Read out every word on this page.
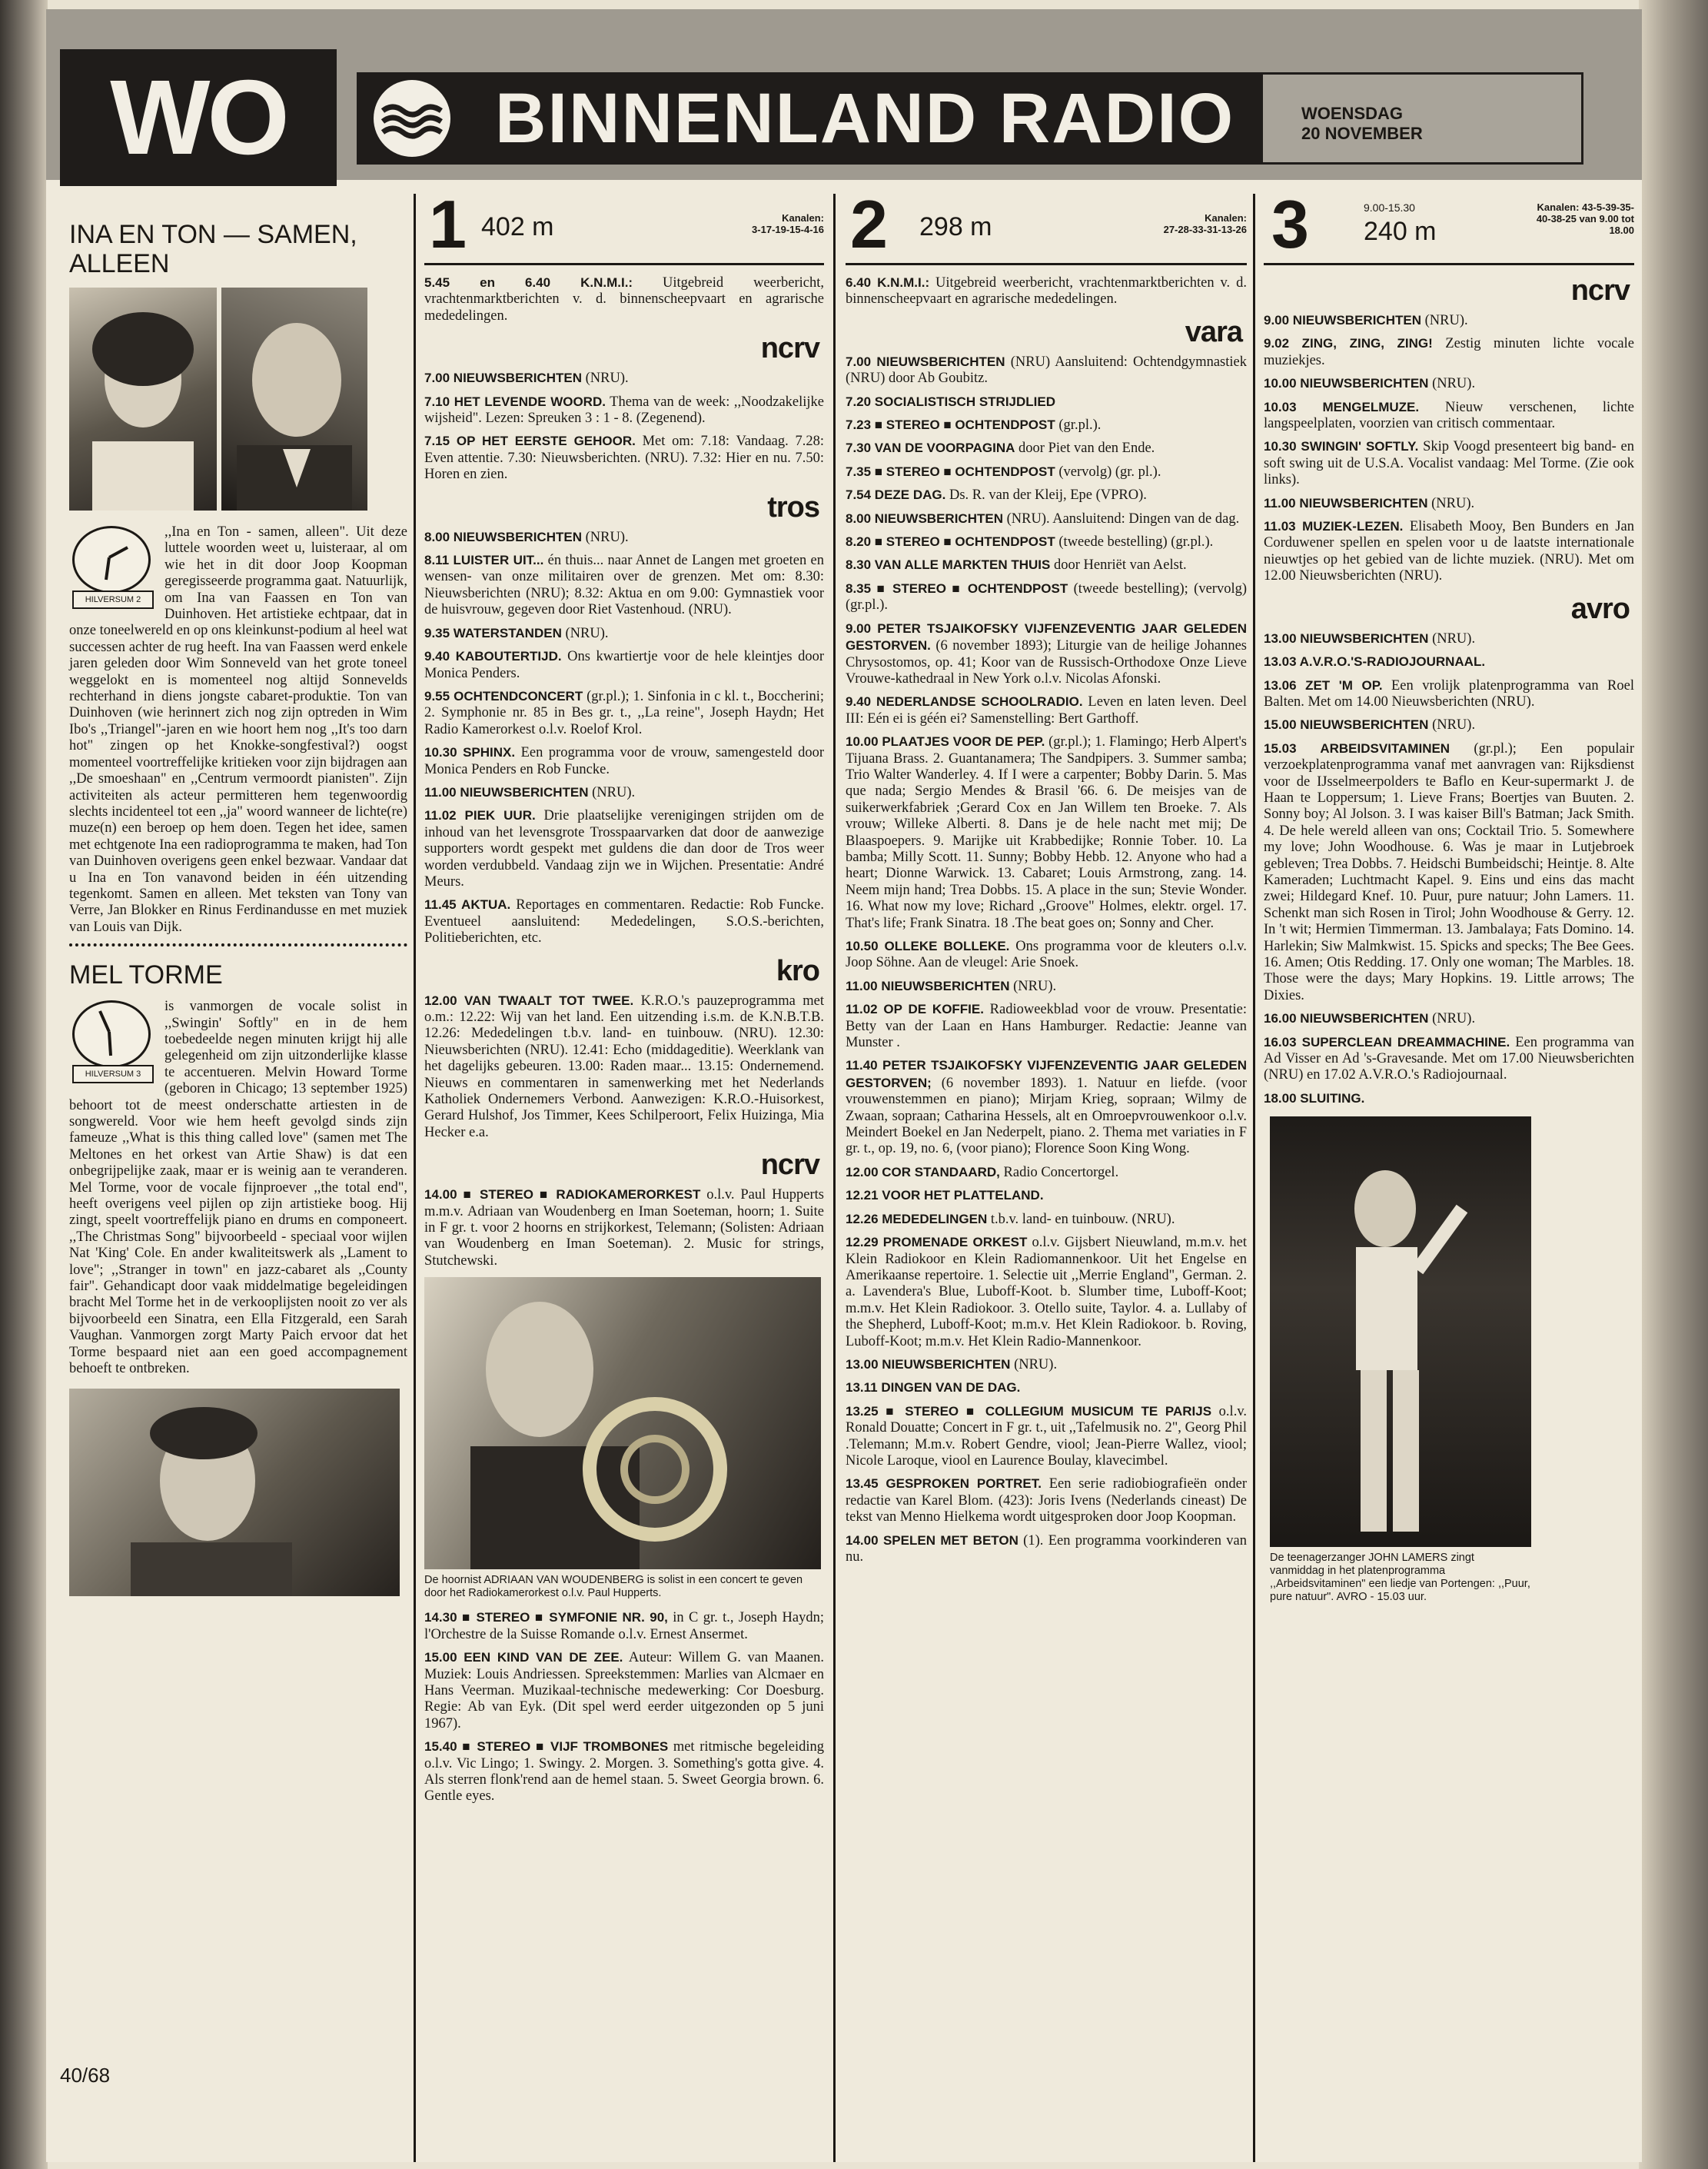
WO	BINNENLAND RADIO	WOENSDAG
20 NOVEMBER
INA EN TON — SAMEN, ALLEEN
HILVERSUM 2
,,Ina en Ton - samen, alleen". Uit deze luttele woorden weet u, luisteraar, al om wie het in dit door Joop Koopman geregisseerde programma gaat. Natuurlijk, om Ina van Faassen en Ton van Duinhoven. Het artistieke echtpaar, dat in onze toneelwereld en op ons kleinkunst-podium al heel wat successen achter de rug heeft. Ina van Faassen werd enkele jaren geleden door Wim Sonneveld van het grote toneel weggelokt en is momenteel nog altijd Sonnevelds rechterhand in diens jongste cabaret-produktie. Ton van Duinhoven (wie herinnert zich nog zijn optreden in Wim Ibo's ,,Triangel"-jaren en wie hoort hem nog ,,It's too darn hot" zingen op het Knokke-songfestival?) oogst momenteel voortreffelijke kritieken voor zijn bijdragen aan ,,De smoeshaan" en ,,Centrum vermoordt pianisten". Zijn activiteiten als acteur permitteren hem tegenwoordig slechts incidenteel tot een ,,ja" woord wanneer de lichte(re) muze(n) een beroep op hem doen. Tegen het idee, samen met echtgenote Ina een radioprogramma te maken, had Ton van Duinhoven overigens geen enkel bezwaar. Vandaar dat u Ina en Ton vanavond beiden in één uitzending tegenkomt. Samen en alleen. Met teksten van Tony van Verre, Jan Blokker en Rinus Ferdinandusse en met muziek van Louis van Dijk.
MEL TORME
HILVERSUM 3
is vanmorgen de vocale solist in ,,Swingin' Softly" en in de hem toebedeelde negen minuten krijgt hij alle gelegenheid om zijn uitzonderlijke klasse te accentueren. Melvin Howard Torme (geboren in Chicago; 13 september 1925) behoort tot de meest onderschatte artiesten in de songwereld. Voor wie hem heeft gevolgd sinds zijn fameuze ,,What is this thing called love" (samen met The Meltones en het orkest van Artie Shaw) is dat een onbegrijpelijke zaak, maar er is weinig aan te veranderen. Mel Torme, voor de vocale fijnproever ,,the total end", heeft overigens veel pijlen op zijn artistieke boog. Hij zingt, speelt voortreffelijk piano en drums en componeert. ,,The Christmas Song" bijvoorbeeld - speciaal voor wijlen Nat 'King' Cole. En ander kwaliteitswerk als ,,Lament to love"; ,,Stranger in town" en jazz-cabaret als ,,County fair". Gehandicapt door vaak middelmatige begeleidingen bracht Mel Torme het in de verkooplijsten nooit zo ver als bijvoorbeeld een Sinatra, een Ella Fitzgerald, een Sarah Vaughan. Vanmorgen zorgt Marty Paich ervoor dat het Torme bespaard niet aan een goed accompagnement behoeft te ontbreken.
40/68
1 402 m	Kanalen:
3-17-19-15-4-16
5.45 en 6.40 K.N.M.I.: Uitgebreid weerbericht, vrachtenmarktberichten v. d. binnenscheepvaart en agrarische mededelingen.
ncrv
7.00 NIEUWSBERICHTEN (NRU).
7.10 HET LEVENDE WOORD. Thema van de week: ,,Noodzakelijke wijsheid". Lezen: Spreuken 3 : 1 - 8. (Zegenend).
7.15 OP HET EERSTE GEHOOR. Met om: 7.18: Vandaag. 7.28: Even attentie. 7.30: Nieuwsberichten. (NRU). 7.32: Hier en nu. 7.50: Horen en zien.
tros
8.00 NIEUWSBERICHTEN (NRU).
8.11 LUISTER UIT... én thuis... naar Annet de Langen met groeten en wensen- van onze militairen over de grenzen. Met om: 8.30: Nieuwsberichten (NRU); 8.32: Aktua en om 9.00: Gymnastiek voor de huisvrouw, gegeven door Riet Vastenhoud. (NRU).
9.35 WATERSTANDEN (NRU).
9.40 KABOUTERTIJD. Ons kwartiertje voor de hele kleintjes door Monica Penders.
9.55 OCHTENDCONCERT (gr.pl.); 1. Sinfonia in c kl. t., Boccherini; 2. Symphonie nr. 85 in Bes gr. t., ,,La reine", Joseph Haydn; Het Radio Kamerorkest o.l.v. Roelof Krol.
10.30 SPHINX. Een programma voor de vrouw, samengesteld door Monica Penders en Rob Funcke.
11.00 NIEUWSBERICHTEN (NRU).
11.02 PIEK UUR. Drie plaatselijke verenigingen strijden om de inhoud van het levensgrote Trosspaarvarken dat door de aanwezige supporters wordt gespekt met guldens die dan door de Tros weer worden verdubbeld. Vandaag zijn we in Wijchen. Presentatie: André Meurs.
11.45 AKTUA. Reportages en commentaren. Redactie: Rob Funcke. Eventueel aansluitend: Mededelingen, S.O.S.-berichten, Politieberichten, etc.
kro
12.00 VAN TWAALT TOT TWEE. K.R.O.'s pauzeprogramma met o.m.: 12.22: Wij van het land. Een uitzending i.s.m. de K.N.B.T.B. 12.26: Mededelingen t.b.v. land- en tuinbouw. (NRU). 12.30: Nieuwsberichten (NRU). 12.41: Echo (middageditie). Weerklank van het dagelijks gebeuren. 13.00: Raden maar... 13.15: Ondernemend. Nieuws en commentaren in samenwerking met het Nederlands Katholiek Ondernemers Verbond. Aanwezigen: K.R.O.-Huisorkest, Gerard Hulshof, Jos Timmer, Kees Schilperoort, Felix Huizinga, Mia Hecker e.a.
ncrv
14.00 ■ STEREO ■ RADIOKAMERORKEST o.l.v. Paul Hupperts m.m.v. Adriaan van Woudenberg en Iman Soeteman, hoorn; 1. Suite in F gr. t. voor 2 hoorns en strijkorkest, Telemann; (Solisten: Adriaan van Woudenberg en Iman Soeteman). 2. Music for strings, Stutchewski.
De hoornist ADRIAAN VAN WOUDENBERG is solist in een concert te geven door het Radiokamerorkest o.l.v. Paul Hupperts.
14.30 ■ STEREO ■ SYMFONIE NR. 90, in C gr. t., Joseph Haydn; l'Orchestre de la Suisse Romande o.l.v. Ernest Ansermet.
15.00 EEN KIND VAN DE ZEE. Auteur: Willem G. van Maanen. Muziek: Louis Andriessen. Spreekstemmen: Marlies van Alcmaer en Hans Veerman. Muzikaal-technische medewerking: Cor Doesburg. Regie: Ab van Eyk. (Dit spel werd eerder uitgezonden op 5 juni 1967).
15.40 ■ STEREO ■ VIJF TROMBONES met ritmische begeleiding o.l.v. Vic Lingo; 1. Swingy. 2. Morgen. 3. Something's gotta give. 4. Als sterren flonk'rend aan de hemel staan. 5. Sweet Georgia brown. 6. Gentle eyes.
2 298 m	Kanalen:
27-28-33-31-13-26
6.40 K.N.M.I.: Uitgebreid weerbericht, vrachtenmarktberichten v. d. binnenscheepvaart en agrarische mededelingen.
vara
7.00 NIEUWSBERICHTEN (NRU) Aansluitend: Ochtendgymnastiek (NRU) door Ab Goubitz.
7.20 SOCIALISTISCH STRIJDLIED
7.23 ■ STEREO ■ OCHTENDPOST (gr.pl.).
7.30 VAN DE VOORPAGINA door Piet van den Ende.
7.35 ■ STEREO ■ OCHTENDPOST (vervolg) (gr. pl.).
7.54 DEZE DAG. Ds. R. van der Kleij, Epe (VPRO).
8.00 NIEUWSBERICHTEN (NRU). Aansluitend: Dingen van de dag.
8.20 ■ STEREO ■ OCHTENDPOST (tweede bestelling) (gr.pl.).
8.30 VAN ALLE MARKTEN THUIS door Henriët van Aelst.
8.35 ■ STEREO ■ OCHTENDPOST (tweede bestelling); (vervolg) (gr.pl.).
9.00 PETER TSJAIKOFSKY VIJFENZEVENTIG JAAR GELEDEN GESTORVEN. (6 november 1893); Liturgie van de heilige Johannes Chrysostomos, op. 41; Koor van de Russisch-Orthodoxe Onze Lieve Vrouwe-kathedraal in New York o.l.v. Nicolas Afonski.
9.40 NEDERLANDSE SCHOOLRADIO. Leven en laten leven. Deel III: Eén ei is géén ei? Samenstelling: Bert Garthoff.
10.00 PLAATJES VOOR DE PEP. (gr.pl.); 1. Flamingo; Herb Alpert's Tijuana Brass. 2. Guantanamera; The Sandpipers. 3. Summer samba; Trio Walter Wanderley. 4. If I were a carpenter; Bobby Darin. 5. Mas que nada; Sergio Mendes & Brasil '66. 6. De meisjes van de suikerwerkfabriek ;Gerard Cox en Jan Willem ten Broeke. 7. Als vrouw; Willeke Alberti. 8. Dans je de hele nacht met mij; De Blaaspoepers. 9. Marijke uit Krabbedijke; Ronnie Tober. 10. La bamba; Milly Scott. 11. Sunny; Bobby Hebb. 12. Anyone who had a heart; Dionne Warwick. 13. Cabaret; Louis Armstrong, zang. 14. Neem mijn hand; Trea Dobbs. 15. A place in the sun; Stevie Wonder. 16. What now my love; Richard ,,Groove" Holmes, elektr. orgel. 17. That's life; Frank Sinatra. 18 .The beat goes on; Sonny and Cher.
10.50 OLLEKE BOLLEKE. Ons programma voor de kleuters o.l.v. Joop Söhne. Aan de vleugel: Arie Snoek.
11.00 NIEUWSBERICHTEN (NRU).
11.02 OP DE KOFFIE. Radioweekblad voor de vrouw. Presentatie: Betty van der Laan en Hans Hamburger. Redactie: Jeanne van Munster .
11.40 PETER TSJAIKOFSKY VIJFENZEVENTIG JAAR GELEDEN GESTORVEN; (6 november 1893). 1. Natuur en liefde. (voor vrouwenstemmen en piano); Mirjam Krieg, sopraan; Wilmy de Zwaan, sopraan; Catharina Hessels, alt en Omroepvrouwenkoor o.l.v. Meindert Boekel en Jan Nederpelt, piano. 2. Thema met variaties in F gr. t., op. 19, no. 6, (voor piano); Florence Soon King Wong.
12.00 COR STANDAARD, Radio Concertorgel.
12.21 VOOR HET PLATTELAND.
12.26 MEDEDELINGEN t.b.v. land- en tuinbouw. (NRU).
12.29 PROMENADE ORKEST o.l.v. Gijsbert Nieuwland, m.m.v. het Klein Radiokoor en Klein Radiomannenkoor. Uit het Engelse en Amerikaanse repertoire. 1. Selectie uit ,,Merrie England", German. 2. a. Lavendera's Blue, Luboff-Koot. b. Slumber time, Luboff-Koot; m.m.v. Het Klein Radiokoor. 3. Otello suite, Taylor. 4. a. Lullaby of the Shepherd, Luboff-Koot; m.m.v. Het Klein Radiokoor. b. Roving, Luboff-Koot; m.m.v. Het Klein Radio-Mannenkoor.
13.00 NIEUWSBERICHTEN (NRU).
13.11 DINGEN VAN DE DAG.
13.25 ■ STEREO ■ COLLEGIUM MUSICUM TE PARIJS o.l.v. Ronald Douatte; Concert in F gr. t., uit ,,Tafelmusik no. 2", Georg Phil .Telemann; M.m.v. Robert Gendre, viool; Jean-Pierre Wallez, viool; Nicole Laroque, viool en Laurence Boulay, klavecimbel.
13.45 GESPROKEN PORTRET. Een serie radiobiografieën onder redactie van Karel Blom. (423): Joris Ivens (Nederlands cineast) De tekst van Menno Hielkema wordt uitgesproken door Joop Koopman.
14.00 SPELEN MET BETON (1). Een programma voorkinderen van nu.
3	9.00-15.30
240 m
Kanalen: 43-5-39-35-40-38-25 van 9.00 tot 18.00
ncrv
9.00 NIEUWSBERICHTEN (NRU).
9.02 ZING, ZING, ZING! Zestig minuten lichte vocale muziekjes.
10.00 NIEUWSBERICHTEN (NRU).
10.03 MENGELMUZE. Nieuw verschenen, lichte langspeelplaten, voorzien van critisch commentaar.
10.30 SWINGIN' SOFTLY. Skip Voogd presenteert big band- en soft swing uit de U.S.A. Vocalist vandaag: Mel Torme. (Zie ook links).
11.00 NIEUWSBERICHTEN (NRU).
11.03 MUZIEK-LEZEN. Elisabeth Mooy, Ben Bunders en Jan Corduwener spellen en spelen voor u de laatste internationale nieuwtjes op het gebied van de lichte muziek. (NRU). Met om 12.00 Nieuwsberichten (NRU).
avro
13.00 NIEUWSBERICHTEN (NRU).
13.03 A.V.R.O.'S-RADIOJOURNAAL.
13.06 ZET 'M OP. Een vrolijk platenprogramma van Roel Balten. Met om 14.00 Nieuwsberichten (NRU).
15.00 NIEUWSBERICHTEN (NRU).
15.03 ARBEIDSVITAMINEN (gr.pl.); Een populair verzoekplatenprogramma vanaf met aanvragen van: Rijksdienst voor de IJsselmeerpolders te Baflo en Keur-supermarkt J. de Haan te Loppersum; 1. Lieve Frans; Boertjes van Buuten. 2. Sonny boy; Al Jolson. 3. I was kaiser Bill's Batman; Jack Smith. 4. De hele wereld alleen van ons; Cocktail Trio. 5. Somewhere my love; John Woodhouse. 6. Was je maar in Lutjebroek gebleven; Trea Dobbs. 7. Heidschi Bumbeidschi; Heintje. 8. Alte Kameraden; Luchtmacht Kapel. 9. Eins und eins das macht zwei; Hildegard Knef. 10. Puur, pure natuur; John Lamers. 11. Schenkt man sich Rosen in Tirol; John Woodhouse & Gerry. 12. In 't wit; Hermien Timmerman. 13. Jambalaya; Fats Domino. 14. Harlekin; Siw Malmkwist. 15. Spicks and specks; The Bee Gees. 16. Amen; Otis Redding. 17. Only one woman; The Marbles. 18. Those were the days; Mary Hopkins. 19. Little arrows; The Dixies.
16.00 NIEUWSBERICHTEN (NRU).
16.03 SUPERCLEAN DREAMMACHINE. Een programma van Ad Visser en Ad 's-Gravesande. Met om 17.00 Nieuwsberichten (NRU) en 17.02 A.V.R.O.'s Radiojournaal.
18.00 SLUITING.
De teenagerzanger JOHN LAMERS zingt vanmiddag in het platenprogramma ,,Arbeidsvitaminen" een liedje van Portengen: ,,Puur, pure natuur". AVRO - 15.03 uur.
